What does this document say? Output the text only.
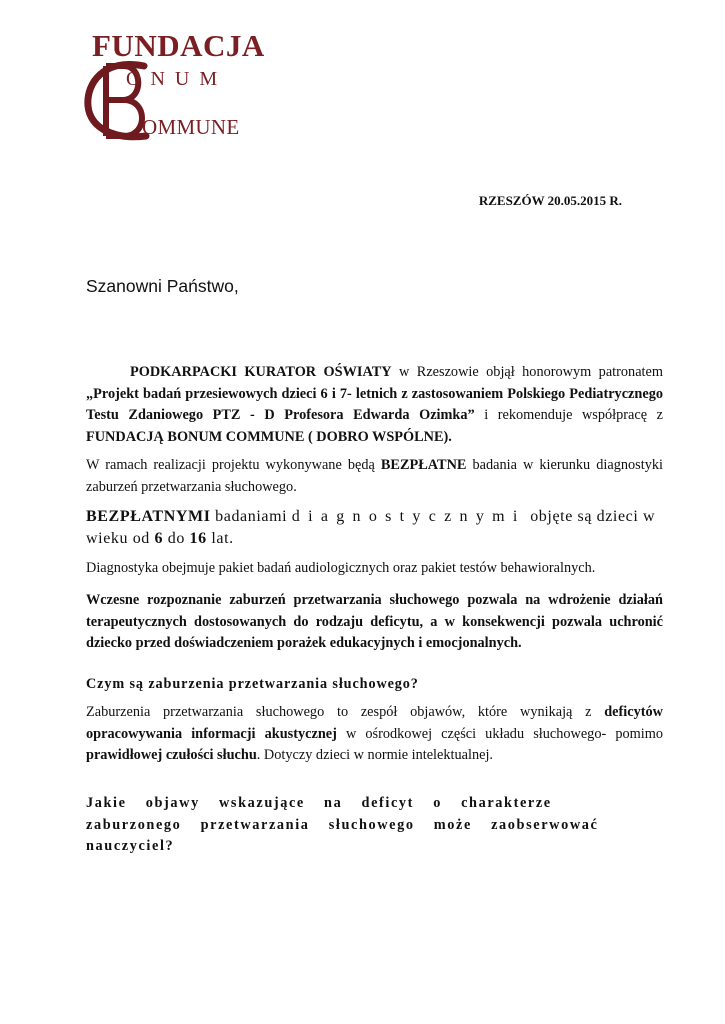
FUNDACJA
ONUM
OMMUNE
RZESZÓW 20.05.2015 R.
Szanowni Państwo,

PODKARPACKI KURATOR OŚWIATY w Rzeszowie objął honorowym patronatem „Projekt badań przesiewowych dzieci 6 i 7- letnich z zastosowaniem Polskiego Pediatrycznego Testu Zdaniowego PTZ - D Profesora Edwarda Ozimka” i rekomenduje współpracę z FUNDACJĄ BONUM COMMUNE ( DOBRO WSPÓLNE).

W ramach realizacji projektu wykonywane będą BEZPŁATNE badania w kierunku diagnostyki zaburzeń przetwarzania słuchowego.

BEZPŁATNYMI badaniami diagnostycznymi objęte są dzieci w wieku od 6 do 16 lat.

Diagnostyka obejmuje pakiet badań audiologicznych oraz pakiet testów behawioralnych.

Wczesne rozpoznanie zaburzeń przetwarzania słuchowego pozwala na wdrożenie działań terapeutycznych dostosowanych do rodzaju deficytu, a w konsekwencji pozwala uchronić dziecko przed doświadczeniem porażek edukacyjnych i emocjonalnych.

Czym są zaburzenia przetwarzania słuchowego?

Zaburzenia przetwarzania słuchowego to zespół objawów, które wynikają z deficytów opracowywania informacji akustycznej w ośrodkowej części układu słuchowego- pomimo prawidłowej czułości słuchu. Dotyczy dzieci w normie intelektualnej.

Jakie objawy wskazujące na deficyt o charakterze zaburzonego przetwarzania słuchowego może zaobserwować nauczyciel?
